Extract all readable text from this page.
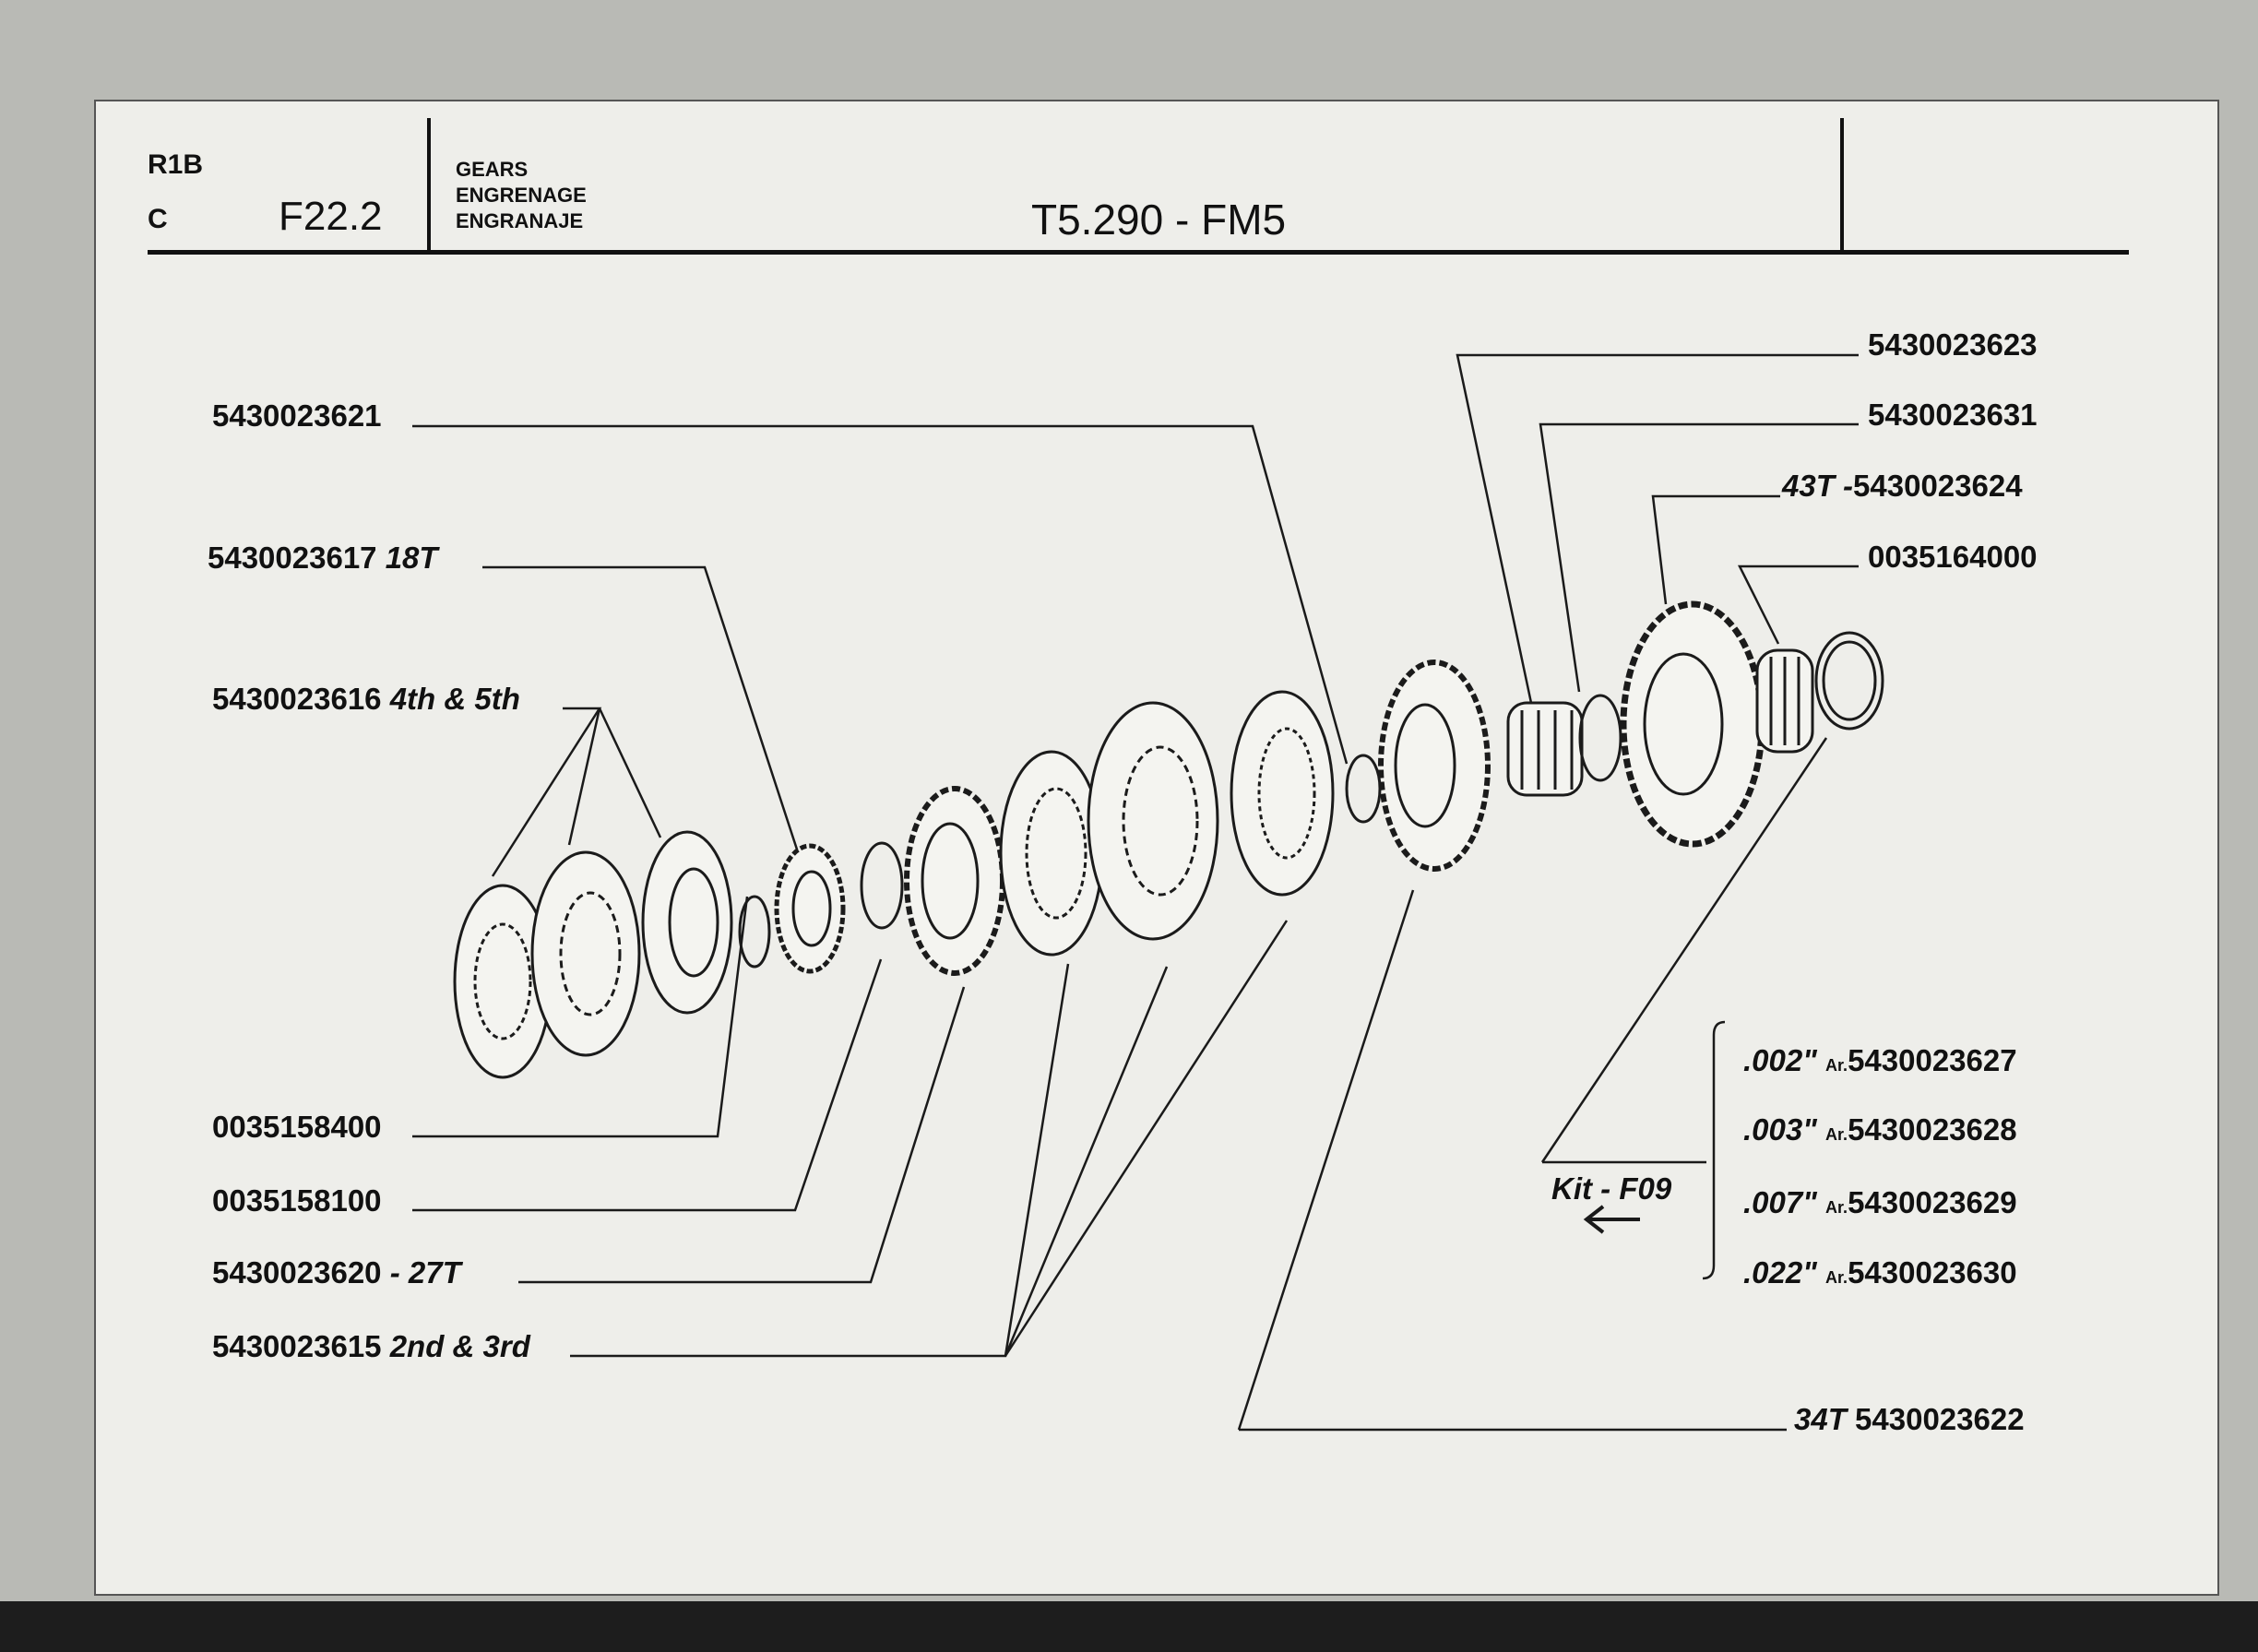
R1B
C	F22.2
GEARS
ENGRENAGE
ENGRANAJE	T5.290 - FM5
5430023621
5430023617 18T
5430023616 4th & 5th
0035158400
0035158100
5430023620 - 27T
5430023615 2nd & 3rd
5430023623
5430023631
43T -5430023624
0035164000
Kit - F09
.002" Ar.5430023627
.003" Ar.5430023628
.007" Ar.5430023629
.022" Ar.5430023630
34T 5430023622
